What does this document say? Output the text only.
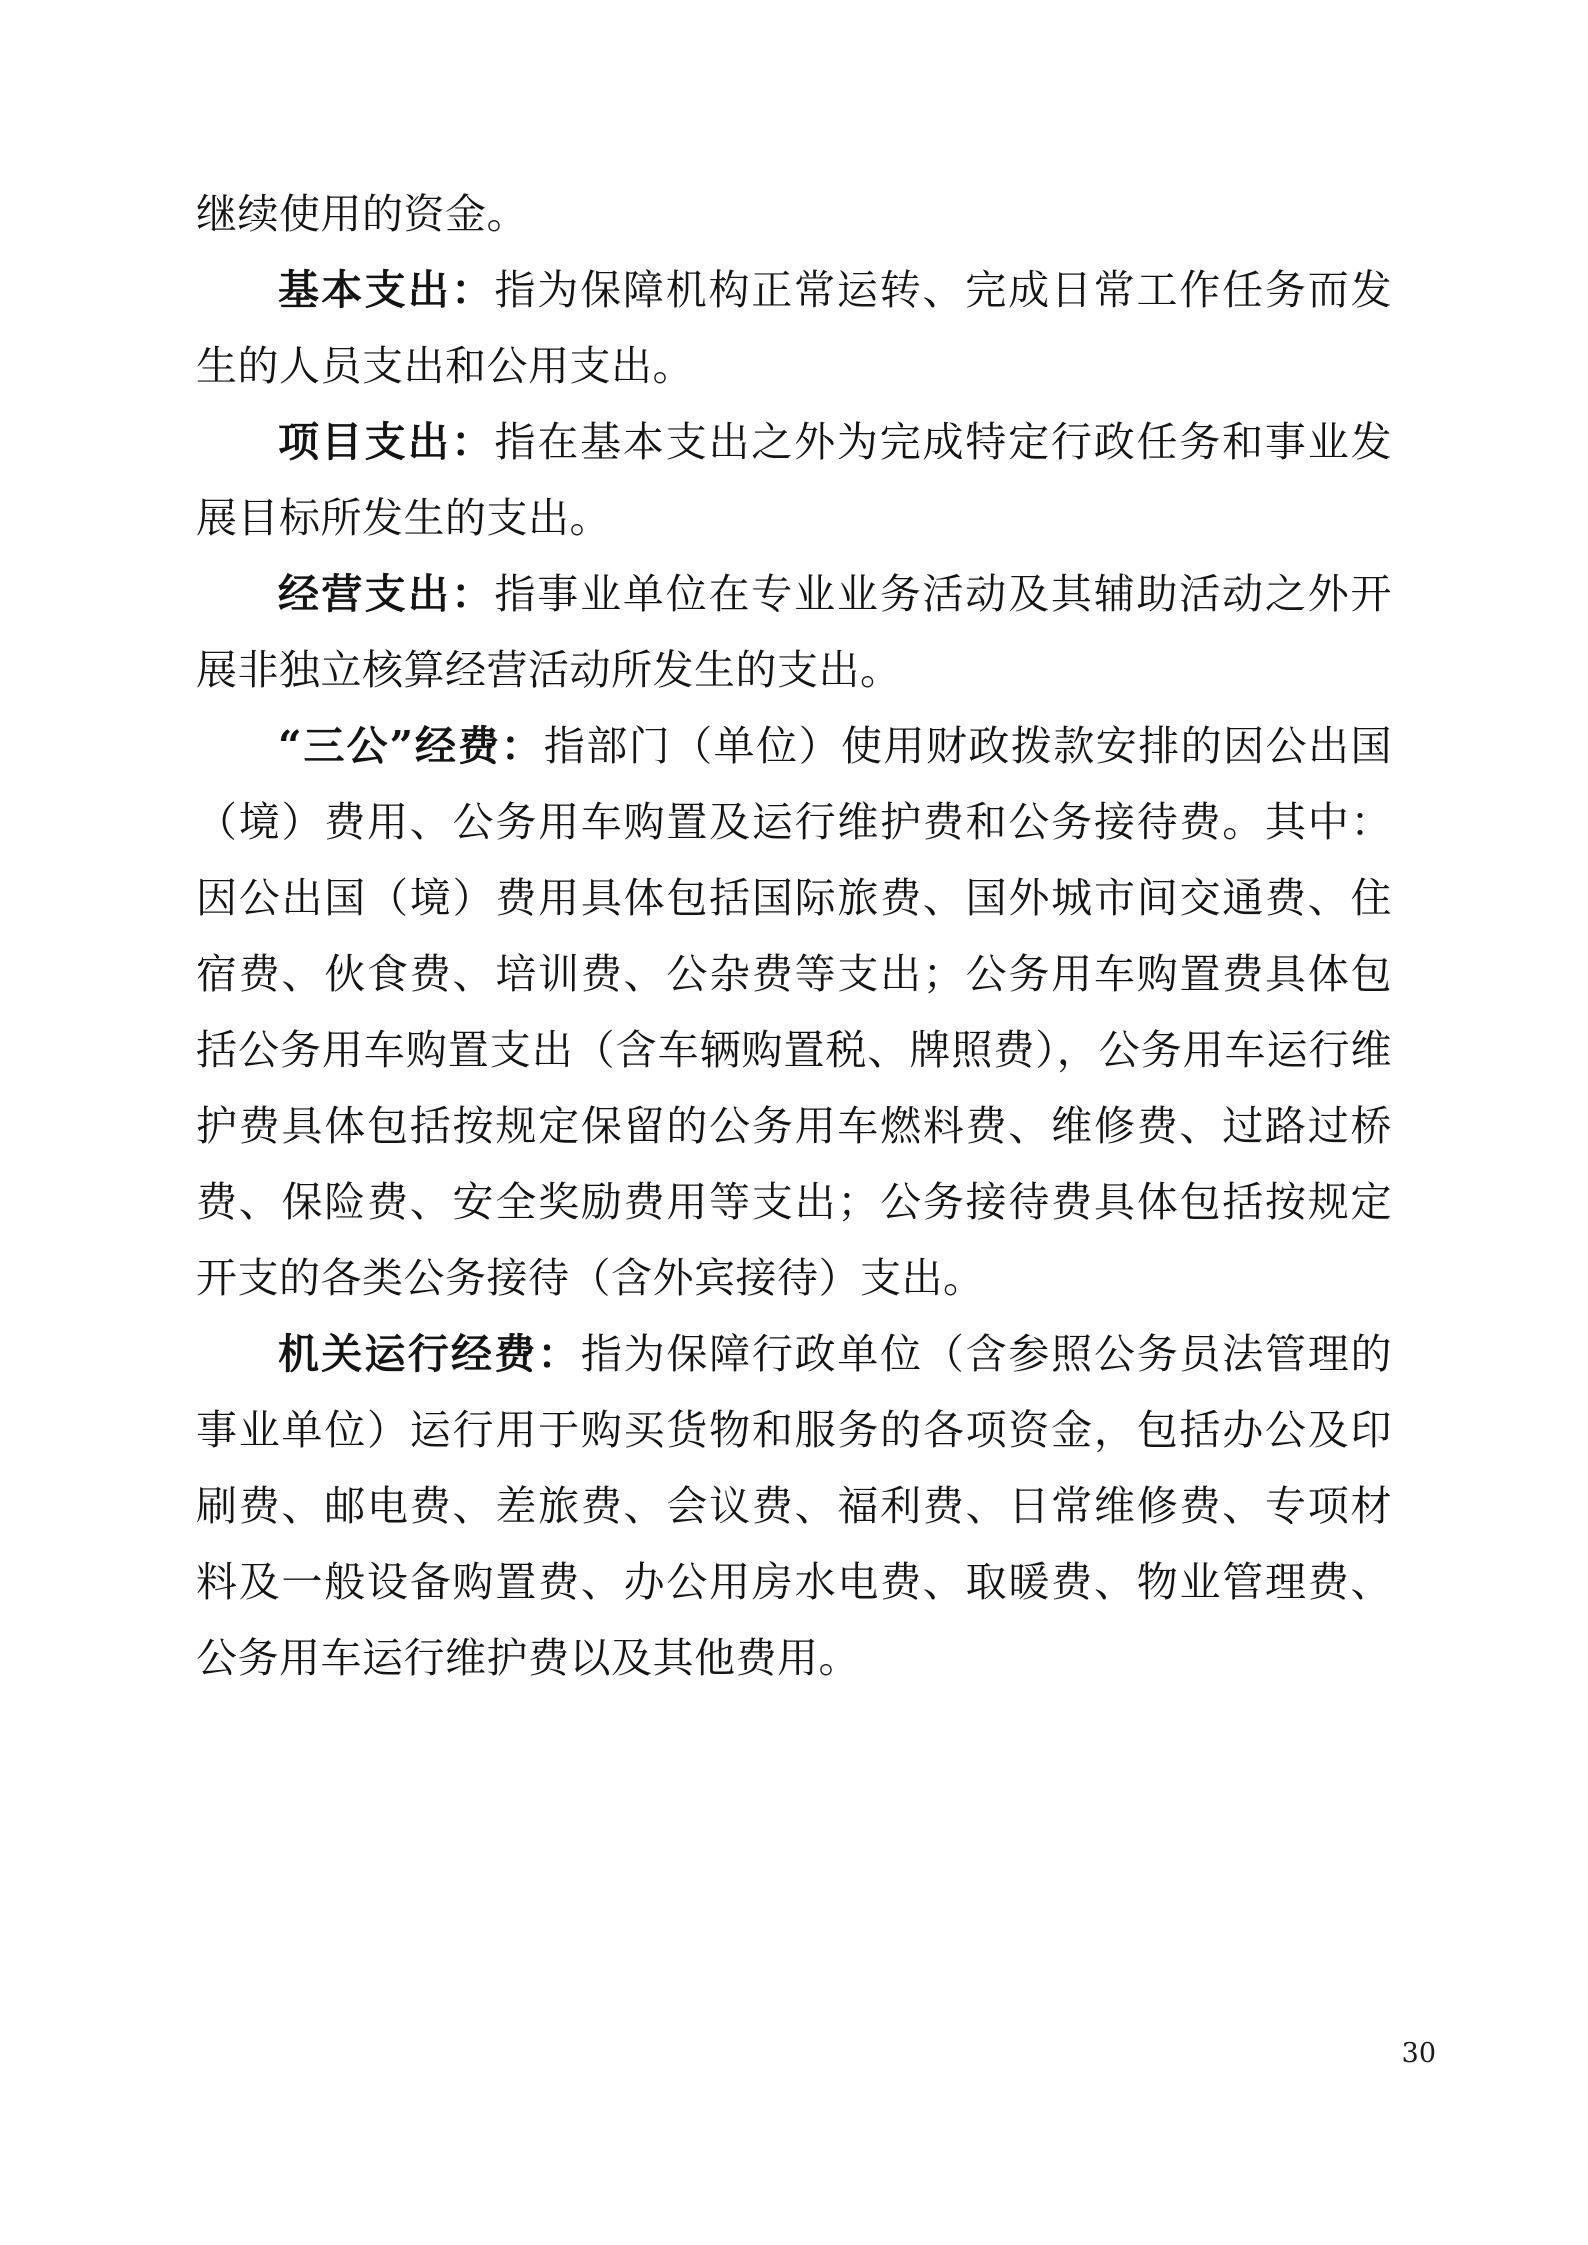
继续使用的资金。

基本支出：指为保障机构正常运转、完成日常工作任务而发生的人员支出和公用支出。

项目支出：指在基本支出之外为完成特定行政任务和事业发展目标所发生的支出。

经营支出：指事业单位在专业业务活动及其辅助活动之外开展非独立核算经营活动所发生的支出。

“三公”经费：指部门（单位）使用财政拨款安排的因公出国（境）费用、公务用车购置及运行维护费和公务接待费。其中：因公出国（境）费用具体包括国际旅费、国外城市间交通费、住宿费、伙食费、培训费、公杂费等支出；公务用车购置费具体包括公务用车购置支出（含车辆购置税、牌照费），公务用车运行维护费具体包括按规定保留的公务用车燃料费、维修费、过路过桥费、保险费、安全奖励费用等支出；公务接待费具体包括按规定开支的各类公务接待（含外宾接待）支出。

机关运行经费：指为保障行政单位（含参照公务员法管理的事业单位）运行用于购买货物和服务的各项资金，包括办公及印刷费、邮电费、差旅费、会议费、福利费、日常维修费、专项材料及一般设备购置费、办公用房水电费、取暖费、物业管理费、公务用车运行维护费以及其他费用。

30
